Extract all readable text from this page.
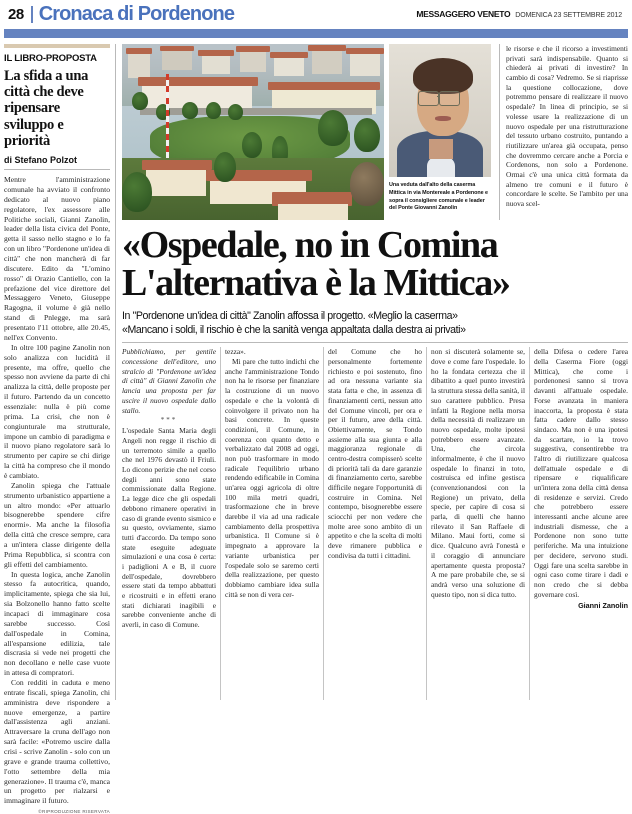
28 Cronaca di Pordenone	MESSAGGERO VENETO DOMENICA 23 SETTEMBRE 2012
IL LIBRO-PROPOSTA
La sfida a una città che deve ripensare sviluppo e priorità
di Stefano Polzot

Mentre l'amministrazione comunale ha avviato il confronto dedicato al nuovo piano regolatore, l'ex assessore alle Politiche sociali, Gianni Zanolin, leader della lista civica del Ponte, getta il sasso nello stagno e lo fa con un libro "Pordenone un'idea di città" che non mancherà di far discutere. Edito da "L'omino rosso" di Orazio Cantiello, con la prefazione del vice direttore del Messaggero Veneto, Giuseppe Ragogna, il volume è già nello stand di Pnlegge, ma sarà presentato l'11 ottobre, alle 20.45, nell'ex Convento.

In oltre 100 pagine Zanolin non solo analizza con lucidità il presente, ma offre, quello che spesso non avviene da parte di chi analizza la città, delle proposte per il futuro. Partendo da un concetto essenziale: nulla è più come prima. La crisi, che non è congiunturale ma strutturale, impone un cambio di paradigma e il nuovo piano regolatore sarà lo strumento per capire se chi dirige la città ha compreso che il mondo è cambiato.

Zanolin spiega che l'attuale strumento urbanistico appartiene a un altro mondo: «Per attuarlo bisognerebbe spendere cifre enormi». Ma anche la filosofia della città che cresce sempre, cara a un'intera classe dirigente della Prima Repubblica, si scontra con gli effetti del cambiamento.

In questa logica, anche Zanolin stesso fa autocritica, quando, implicitamente, spiega che sia lui, sia Bolzonello hanno fatto scelte incapaci di immaginare cosa sarebbe successo. Così dall'ospedale in Comina, all'espansione edilizia, tale discrasia si vede nei progetti che non decollano e nelle case vuote in attesa di compratori.

Con redditi in caduta e meno entrate fiscali, spiega Zanolin, chi amministra deve rispondere a nuove emergenze, a partire dall'assistenza agli anziani. Attraversare la cruna dell'ago non sarà facile: «Potremo uscire dalla crisi - scrive Zanolin - solo con un grave e grande trauma collettivo, l'otto settembre della mia generazione». Il trauma c'è, manca un progetto per rialzarsi e immaginare il futuro.

©RIPRODUZIONE RISERVATA
Una veduta dall'alto della caserma Mittica in via Montereale a Pordenone e sopra il consigliere comunale e leader del Ponte Giovanni Zanolin

le risorse e che il ricorso a investimenti privati sarà indispensabile. Quanto si chiederà ai privati di investire? In cambio di cosa? Vedremo. Se si riaprisse la questione collocazione, dove potremmo pensare di realizzare il nuovo ospedale? In linea di principio, se si volesse usare la realizzazione di un nuovo ospedale per una ristrutturazione del tessuto urbano costruito, puntando a riutilizzare un'area già occupata, penso che dovremmo cercare anche a Porcia e Cordenons, non solo a Pordenone. Ormai c'è una unica città formata da almeno tre comuni e il futuro è concordare le scelte. Se l'ambito per una nuova scel-

«Ospedale, no in Comina
L'alternativa è la Mittica»
In "Pordenone un'idea di città" Zanolin affossa il progetto. «Meglio la caserma»
«Mancano i soldi, il rischio è che la sanità venga appaltata dalla destra ai privati»

Pubblichiamo, per gentile concessione dell'editore, uno stralcio di "Pordenone un'idea di città" di Gianni Zanolin che lancia una proposta per far uscire il nuovo ospedale dallo stallo.

***

L'ospedale Santa Maria degli Angeli non regge il rischio di un terremoto simile a quello che nel 1976 devastò il Friuli. Lo dicono perizie che nel corso degli anni sono state commissionate dalla Regione. La legge dice che gli ospedali debbono rimanere operativi in caso di grande evento sismico e su questo, ovviamente, siamo tutti d'accordo. Da tempo sono state eseguite adeguate simulazioni e una cosa è certa: i padiglioni A e B, il cuore dell'ospedale, dovrebbero essere stati da tempo abbattuti e ricostruiti e in effetti erano stati dichiarati inagibili e sarebbe conveniente anche di averli, in caso di Comune.

tezza».

Mi pare che tutto indichi che anche l'amministrazione Tondo non ha le risorse per finanziare la costruzione di un nuovo ospedale e che la volontà di coinvolgere il privato non ha basi concrete. In queste condizioni, il Comune, in coerenza con quanto detto e verbalizzato dal 2008 ad oggi, non può trasformare in modo radicale l'equilibrio urbano rendendo edificabile in Comina un'area oggi agricola di oltre 100 mila metri quadri, trasformazione che in breve darebbe il via ad una radicale cambiamento della prospettiva urbanistica. Il Comune si è impegnato a approvare la variante urbanistica per l'ospedale solo se saremo certi della realizzazione, per questo dobbiamo cambiare idea sulla città se non di vera cer-

del Comune che ho personalmente fortemente richiesto e poi sostenuto, fino ad ora nessuna variante sia stata fatta e che, in assenza di finanziamenti certi, nessun atto del Comune vincoli, per ora e per il futuro, aree della città. Obiettivamente, se Tondo assieme alla sua giunta e alla maggioranza regionale di centro-destra compisserò scelte di priorità tali da dare garanzie di finanziamento certo, sarebbe difficile negare l'opportunità di costruire in Comina. Nel contempo, bisognerebbe essere sciocchi per non vedere che molte aree sono ambito di un appetito e che la scelta di molti deve rimanere pubblica e condivisa da tutti i cittadini.

non si discuterà solamente se, dove e come fare l'ospedale. Io ho la fondata certezza che il dibattito a quel punto investirà la struttura stessa della sanità, il suo carattere pubblico. Presa infatti la Regione nella morsa della necessità di realizzare un nuovo ospedale, molte ipotesi potrebbero essere avanzate. Una, che circola informalmente, è che il nuovo ospedale lo finanzi in toto, costruisca ed infine gestisca (convenzionandosi con la Regione) un privato, della specie, per capire di cosa si parla, di quelli che hanno rilevato il San Raffaele di Milano. Maui forti, come si dice. Qualcuno avrà l'onestà e il coraggio di annunciare apertamente questa proposta? A me pare probabile che, se si andrà verso una soluzione di questo tipo, non si dica tutto.

della Difesa o cedere l'area della Caserma Fiore (oggi Mittica), che come i pordenonesi sanno si trova davanti all'attuale ospedale. Forse avanzata in maniera inaccorta, la proposta è stata fatta cadere dallo stesso sindaco. Ma non è una ipotesi da scartare, io la trovo suggestiva, consentirebbe tra l'altro di riutilizzare qualcosa dell'attuale ospedale e di ripensare e riqualificare un'intera zona della città densa di residenze e servizi. Credo che potrebbero essere interessanti anche alcune aree industriali dismesse, che a Pordenone non sono tutte periferiche. Ma una intuizione per decidere, servono studi. Oggi fare una scelta sarebbe in ogni caso come tirare i dadi e non credo che si debba governare così.

Gianni Zanolin
